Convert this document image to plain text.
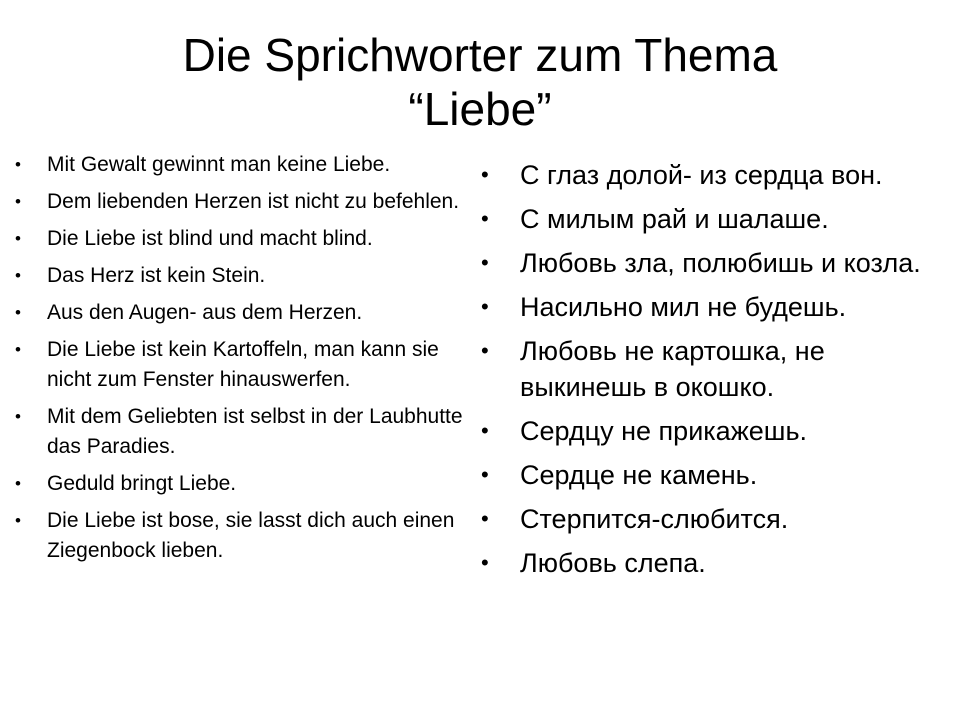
Die Sprichworter zum Thema
“Liebe”
• Mit Gewalt gewinnt man keine Liebe.
• Dem liebenden Herzen ist nicht zu befehlen.
• Die Liebe ist blind und macht blind.
• Das Herz ist kein Stein.
• Aus den Augen- aus dem Herzen.
• Die Liebe ist kein Kartoffeln, man kann sie nicht zum Fenster hinauswerfen.
• Mit dem Geliebten ist selbst in der Laubhutte das Paradies.
• Geduld bringt Liebe.
• Die Liebe ist bose, sie lasst dich auch einen Ziegenbock lieben.
• С глаз долой- из сердца вон.
• С милым рай и шалаше.
• Любовь зла, полюбишь и козла.
• Насильно мил не будешь.
• Любовь не картошка, не выкинешь в окошко.
• Сердцу не прикажешь.
• Сердце не камень.
• Стерпится-слюбится.
• Любовь слепа.
